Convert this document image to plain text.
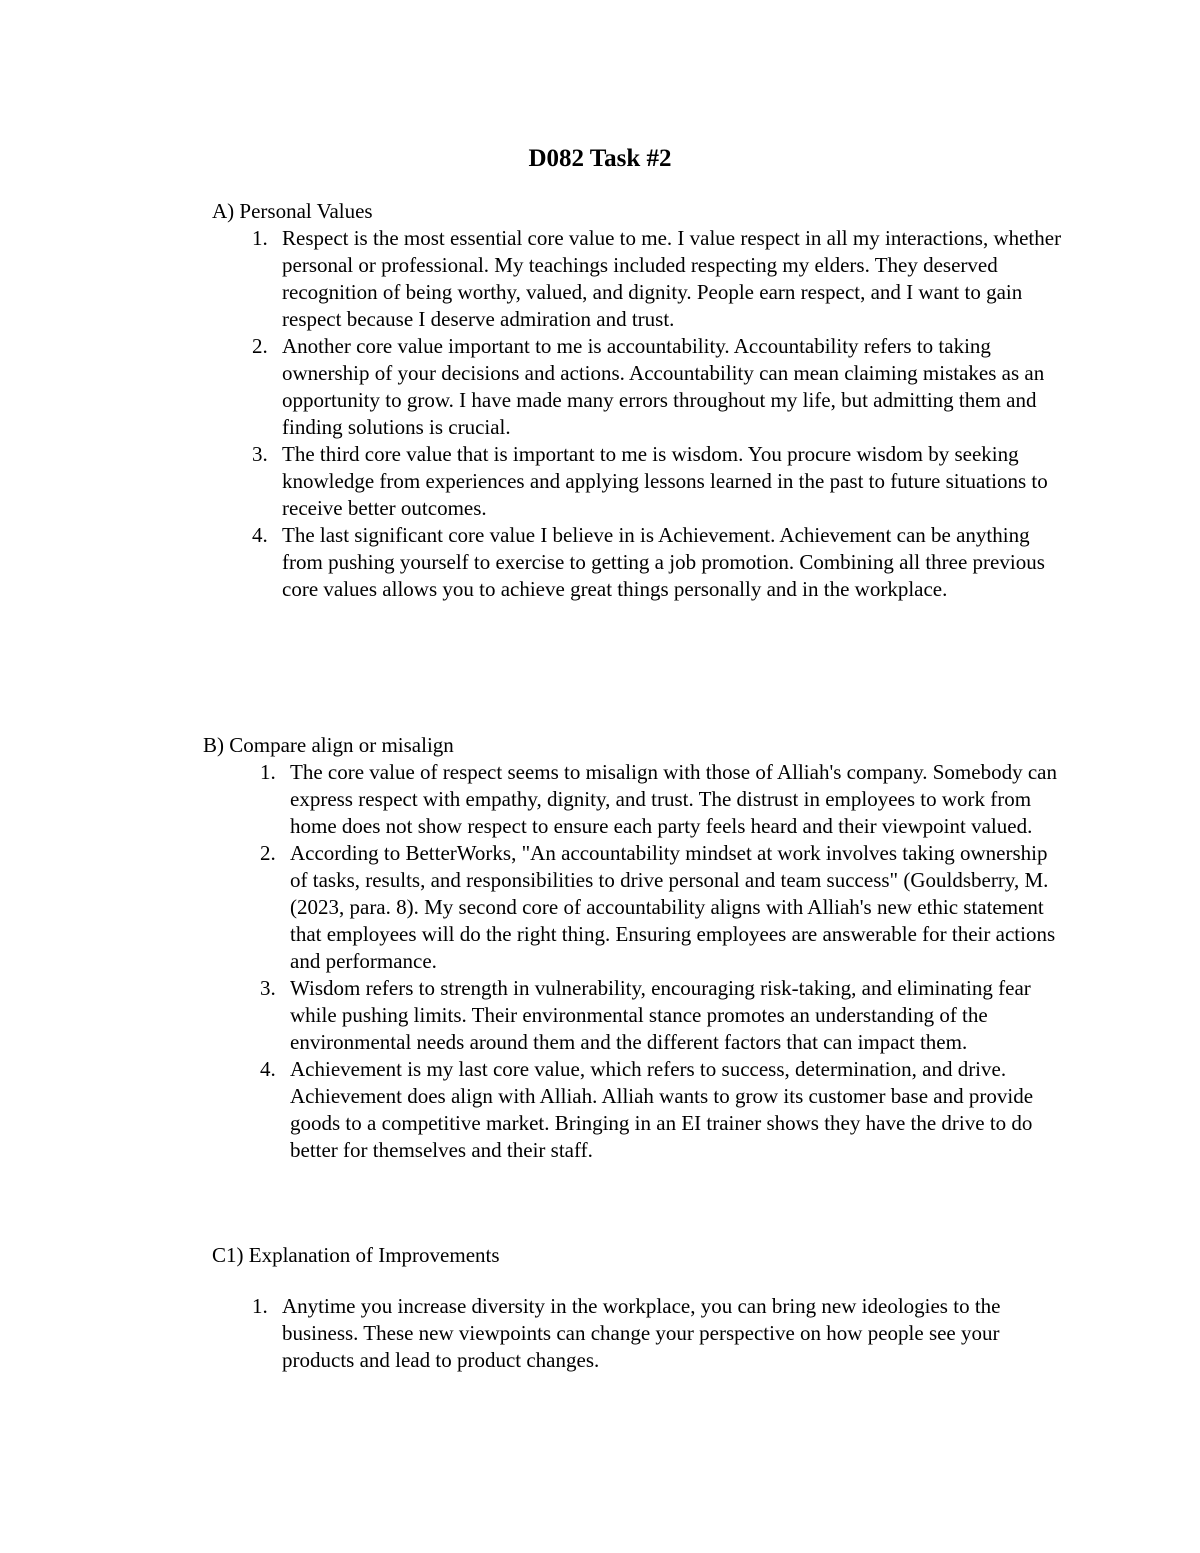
D082 Task #2
A) Personal Values
1. Respect is the most essential core value to me. I value respect in all my interactions, whether personal or professional. My teachings included respecting my elders. They deserved recognition of being worthy, valued, and dignity. People earn respect, and I want to gain respect because I deserve admiration and trust.
2. Another core value important to me is accountability. Accountability refers to taking ownership of your decisions and actions. Accountability can mean claiming mistakes as an opportunity to grow. I have made many errors throughout my life, but admitting them and finding solutions is crucial.
3. The third core value that is important to me is wisdom. You procure wisdom by seeking knowledge from experiences and applying lessons learned in the past to future situations to receive better outcomes.
4. The last significant core value I believe in is Achievement. Achievement can be anything from pushing yourself to exercise to getting a job promotion. Combining all three previous core values allows you to achieve great things personally and in the workplace.
B) Compare align or misalign
1. The core value of respect seems to misalign with those of Alliah's company. Somebody can express respect with empathy, dignity, and trust. The distrust in employees to work from home does not show respect to ensure each party feels heard and their viewpoint valued.
2. According to BetterWorks, "An accountability mindset at work involves taking ownership of tasks, results, and responsibilities to drive personal and team success" (Gouldsberry, M. (2023, para. 8). My second core of accountability aligns with Alliah's new ethic statement that employees will do the right thing. Ensuring employees are answerable for their actions and performance.
3. Wisdom refers to strength in vulnerability, encouraging risk-taking, and eliminating fear while pushing limits. Their environmental stance promotes an understanding of the environmental needs around them and the different factors that can impact them.
4. Achievement is my last core value, which refers to success, determination, and drive. Achievement does align with Alliah. Alliah wants to grow its customer base and provide goods to a competitive market. Bringing in an EI trainer shows they have the drive to do better for themselves and their staff.
C1) Explanation of Improvements
1. Anytime you increase diversity in the workplace, you can bring new ideologies to the business. These new viewpoints can change your perspective on how people see your products and lead to product changes.
